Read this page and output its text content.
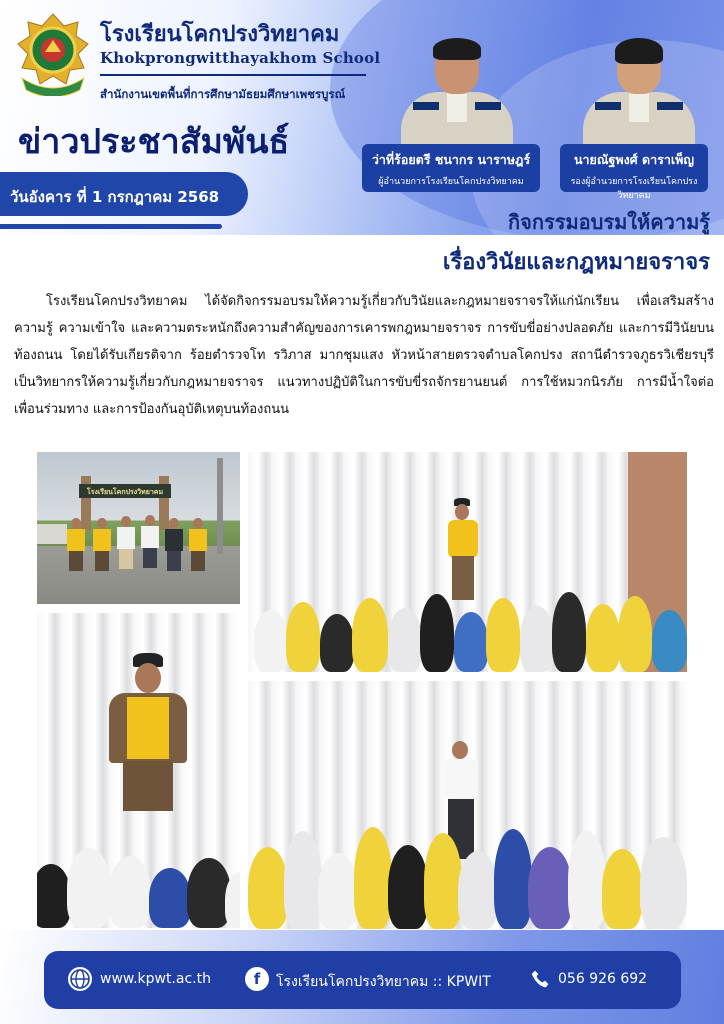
โรงเรียนโคกปรงวิทยาคม
Khokprongwitthayakhom School
สำนักงานเขตพื้นที่การศึกษามัธยมศึกษาเพชรบูรณ์
ข่าวประชาสัมพันธ์
วันอังคาร ที่ 1 กรกฎาคม 2568
ว่าที่ร้อยตรี ชนากร นาราษฎร์
ผู้อำนวยการโรงเรียนโคกปรงวิทยาคม
นายณัฐพงศ์ ดาราเพ็ญ
รองผู้อำนวยการโรงเรียนโคกปรงวิทยาคม
กิจกรรมอบรมให้ความรู้
เรื่องวินัยและกฎหมายจราจร
โรงเรียนโคกปรงวิทยาคม ได้จัดกิจกรรมอบรมให้ความรู้เกี่ยวกับวินัยและกฎหมายจราจรให้แก่นักเรียน เพื่อเสริมสร้างความรู้ ความเข้าใจ และความตระหนักถึงความสำคัญของการเคารพกฎหมายจราจร การขับขี่อย่างปลอดภัย และการมีวินัยบนท้องถนน โดยได้รับเกียรติจาก ร้อยตำรวจโท รวิภาส มากชุมแสง หัวหน้าสายตรวจตำบลโคกปรง สถานีตำรวจภูธรวิเชียรบุรี เป็นวิทยากรให้ความรู้เกี่ยวกับกฎหมายจราจร แนวทางปฏิบัติในการขับขี่รถจักรยานยนต์ การใช้หมวกนิรภัย การมีน้ำใจต่อเพื่อนร่วมทาง และการป้องกันอุบัติเหตุบนท้องถนน
โรงเรียนโคกปรงวิทยาคม
www.kpwt.ac.th	f	โรงเรียนโคกปรงวิทยาคม :: KPWIT	056 926 692
